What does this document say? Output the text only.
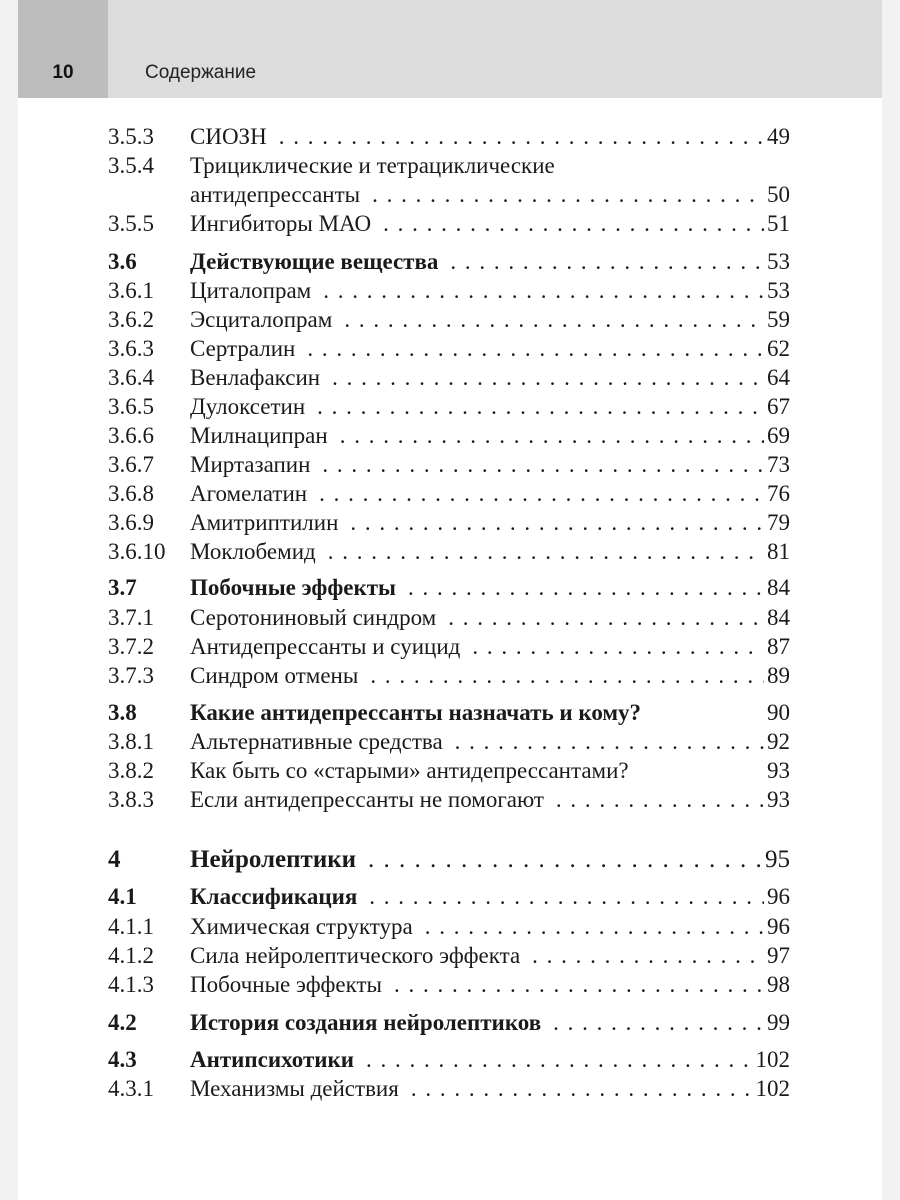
10	Содержание
3.5.3 СИОЗН . . .	49
3.5.4 Трициклические и тетрациклические
антидепрессанты . . .	50
3.5.5 Ингибиторы МАО . . .	51
3.6 Действующие вещества . . .	53
3.6.1 Циталопрам . . .	53
3.6.2 Эсциталопрам . . .	59
3.6.3 Сертралин . . .	62
3.6.4 Венлафаксин . . .	64
3.6.5 Дулоксетин . . .	67
3.6.6 Милнаципран . . .	69
3.6.7 Миртазапин . . .	73
3.6.8 Агомелатин . . .	76
3.6.9 Амитриптилин . . .	79
3.6.10 Моклобемид . . .	81
3.7 Побочные эффекты . . .	84
3.7.1 Серотониновый синдром . . .	84
3.7.2 Антидепрессанты и суицид . . .	87
3.7.3 Синдром отмены . . .	89
3.8 Какие антидепрессанты назначать и кому?	90
3.8.1 Альтернативные средства . . .	92
3.8.2 Как быть со «старыми» антидепрессантами?	93
3.8.3 Если антидепрессанты не помогают . . .	93
4	Нейролептики . . .	95
4.1 Классификация . . .	96
4.1.1 Химическая структура . . .	96
4.1.2 Сила нейролептического эффекта . . .	97
4.1.3 Побочные эффекты . . .	98
4.2 История создания нейролептиков . . .	99
4.3 Антипсихотики . . .	102
4.3.1 Механизмы действия . . .	102
